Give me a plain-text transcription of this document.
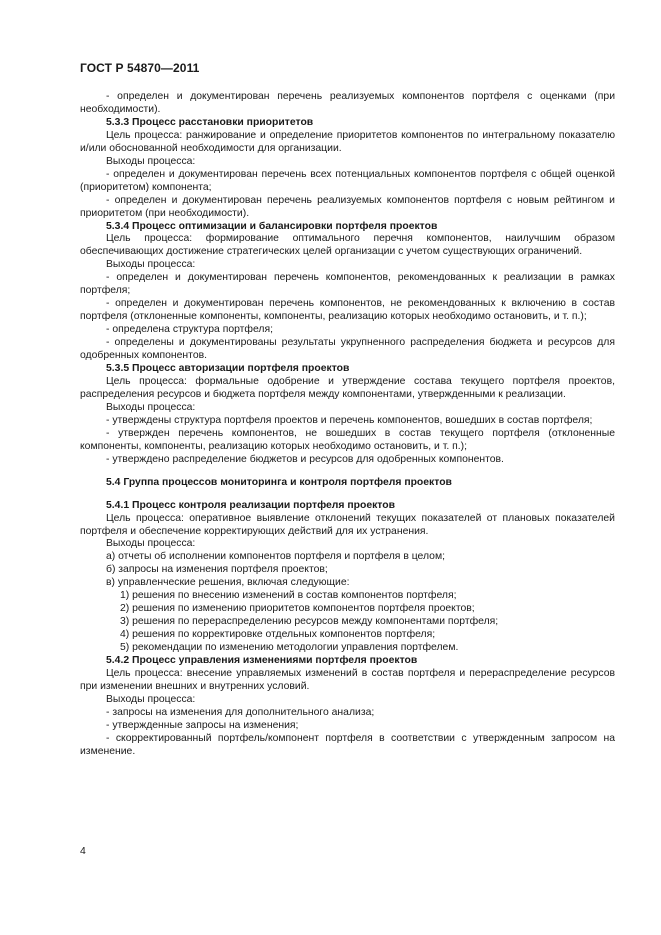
ГОСТ Р 54870—2011

- определен и документирован перечень реализуемых компонентов портфеля с оценками (при необходимости).

5.3.3 Процесс расстановки приоритетов

Цель процесса: ранжирование и определение приоритетов компонентов по интегральному показателю и/или обоснованной необходимости для организации.

Выходы процесса:

- определен и документирован перечень всех потенциальных компонентов портфеля с общей оценкой (приоритетом) компонента;

- определен и документирован перечень реализуемых компонентов портфеля с новым рейтингом и приоритетом (при необходимости).

5.3.4 Процесс оптимизации и балансировки портфеля проектов

Цель процесса: формирование оптимального перечня компонентов, наилучшим образом обеспечивающих достижение стратегических целей организации с учетом существующих ограничений.

Выходы процесса:

- определен и документирован перечень компонентов, рекомендованных к реализации в рамках портфеля;

- определен и документирован перечень компонентов, не рекомендованных к включению в состав портфеля (отклоненные компоненты, компоненты, реализацию которых необходимо остановить, и т. п.);

- определена структура портфеля;

- определены и документированы результаты укрупненного распределения бюджета и ресурсов для одобренных компонентов.

5.3.5 Процесс авторизации портфеля проектов

Цель процесса: формальные одобрение и утверждение состава текущего портфеля проектов, распределения ресурсов и бюджета портфеля между компонентами, утвержденными к реализации.

Выходы процесса:

- утверждены структура портфеля проектов и перечень компонентов, вошедших в состав портфеля;

- утвержден перечень компонентов, не вошедших в состав текущего портфеля (отклоненные компоненты, компоненты, реализацию которых необходимо остановить, и т. п.);

- утверждено распределение бюджетов и ресурсов для одобренных компонентов.

5.4 Группа процессов мониторинга и контроля портфеля проектов

5.4.1 Процесс контроля реализации портфеля проектов

Цель процесса: оперативное выявление отклонений текущих показателей от плановых показателей портфеля и обеспечение корректирующих действий для их устранения.

Выходы процесса:

а) отчеты об исполнении компонентов портфеля и портфеля в целом;

б) запросы на изменения портфеля проектов;

в) управленческие решения, включая следующие:

1) решения по внесению изменений в состав компонентов портфеля;

2) решения по изменению приоритетов компонентов портфеля проектов;

3) решения по перераспределению ресурсов между компонентами портфеля;

4) решения по корректировке отдельных компонентов портфеля;

5) рекомендации по изменению методологии управления портфелем.

5.4.2 Процесс управления изменениями портфеля проектов

Цель процесса: внесение управляемых изменений в состав портфеля и перераспределение ресурсов при изменении внешних и внутренних условий.

Выходы процесса:

- запросы на изменения для дополнительного анализа;

- утвержденные запросы на изменения;

- скорректированный портфель/компонент портфеля в соответствии с утвержденным запросом на изменение.

4
